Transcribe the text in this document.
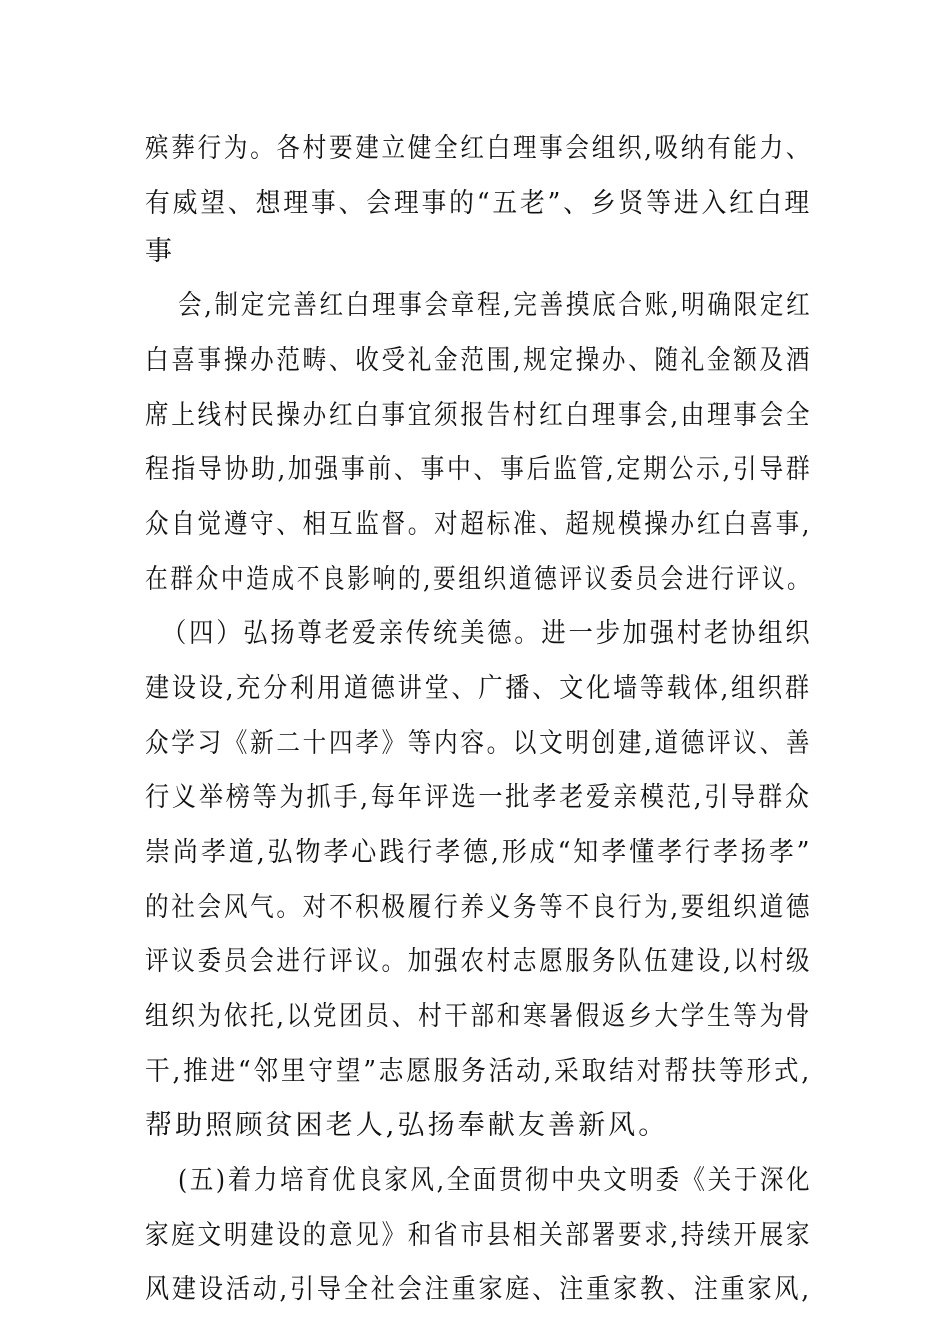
殡葬行为。各村要建立健全红白理事会组织,吸纳有能力、
有威望、想理事、会理事的“五老”、乡贤等进入红白理
事
会,制定完善红白理事会章程,完善摸底合账,明确限定红
白喜事操办范畴、收受礼金范围,规定操办、随礼金额及酒
席上线村民操办红白事宜须报告村红白理事会,由理事会全
程指导协助,加强事前、事中、事后监管,定期公示,引导群
众自觉遵守、相互监督。对超标准、超规模操办红白喜事,
在群众中造成不良影响的,要组织道德评议委员会进行评议。
（四）弘扬尊老爱亲传统美德。进一步加强村老协组织
建设设,充分利用道德讲堂、广播、文化墙等载体,组织群
众学习《新二十四孝》等内容。以文明创建,道德评议、善
行义举榜等为抓手,每年评选一批孝老爱亲模范,引导群众
崇尚孝道,弘物孝心践行孝德,形成“知孝懂孝行孝扬孝”
的社会风气。对不积极履行养义务等不良行为,要组织道德
评议委员会进行评议。加强农村志愿服务队伍建设,以村级
组织为依托,以党团员、村干部和寒暑假返乡大学生等为骨
干,推进“邻里守望”志愿服务活动,采取结对帮扶等形式,
帮助照顾贫困老人,弘扬奉献友善新风。
(五)着力培育优良家风,全面贯彻中央文明委《关于深化
家庭文明建设的意见》和省市县相关部署要求,持续开展家
风建设活动,引导全社会注重家庭、注重家教、注重家风,
